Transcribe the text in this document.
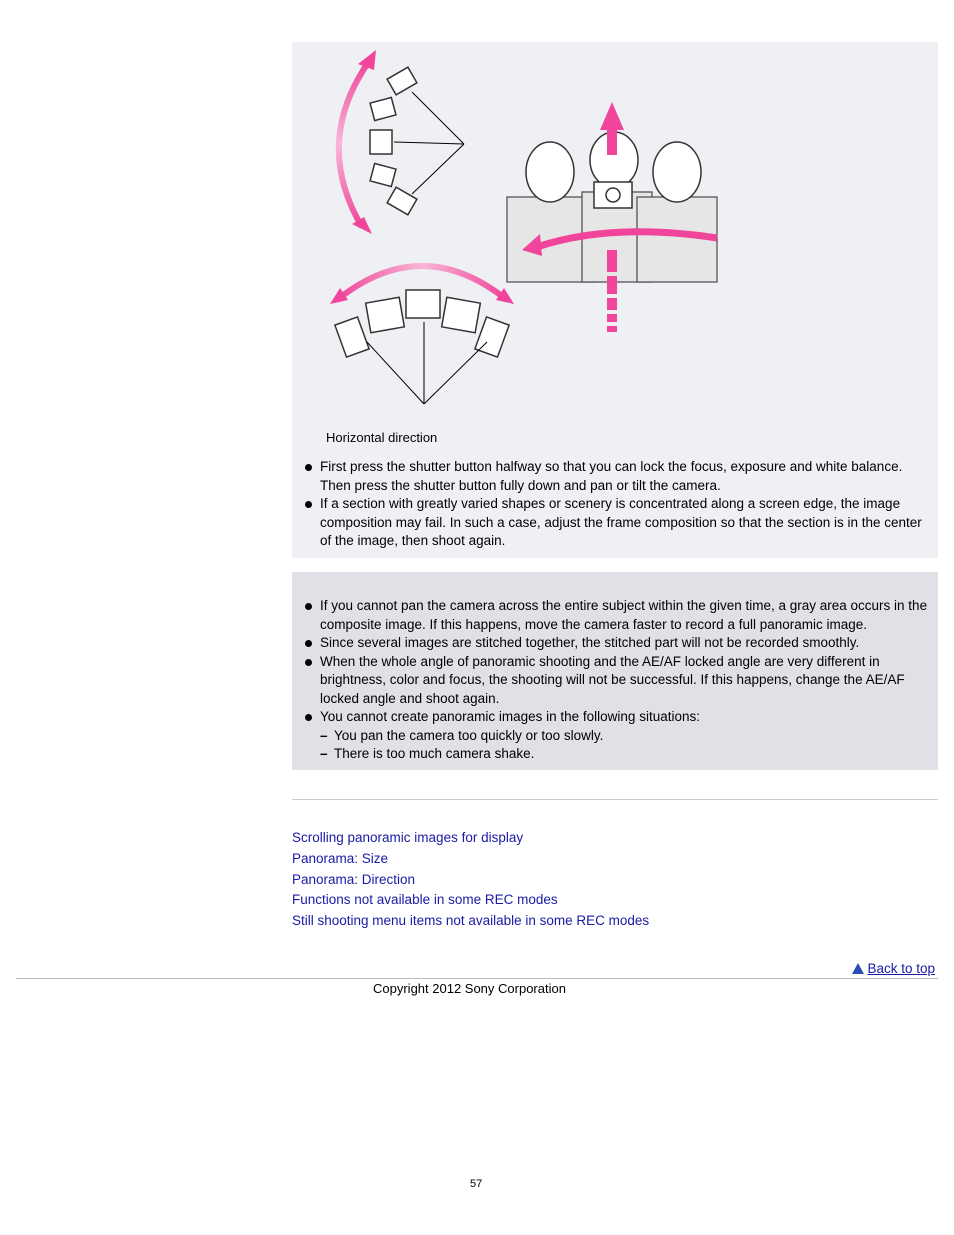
Horizontal direction
First press the shutter button halfway so that you can lock the focus, exposure and white balance. Then press the shutter button fully down and pan or tilt the camera.
If a section with greatly varied shapes or scenery is concentrated along a screen edge, the image composition may fail. In such a case, adjust the frame composition so that the section is in the center of the image, then shoot again.
If you cannot pan the camera across the entire subject within the given time, a gray area occurs in the composite image. If this happens, move the camera faster to record a full panoramic image.
Since several images are stitched together, the stitched part will not be recorded smoothly.
When the whole angle of panoramic shooting and the AE/AF locked angle are very different in brightness, color and focus, the shooting will not be successful. If this happens, change the AE/AF locked angle and shoot again.
You cannot create panoramic images in the following situations:
– You pan the camera too quickly or too slowly.
– There is too much camera shake.
Scrolling panoramic images for display
Panorama: Size
Panorama: Direction
Functions not available in some REC modes
Still shooting menu items not available in some REC modes
Back to top
Copyright 2012 Sony Corporation
57
